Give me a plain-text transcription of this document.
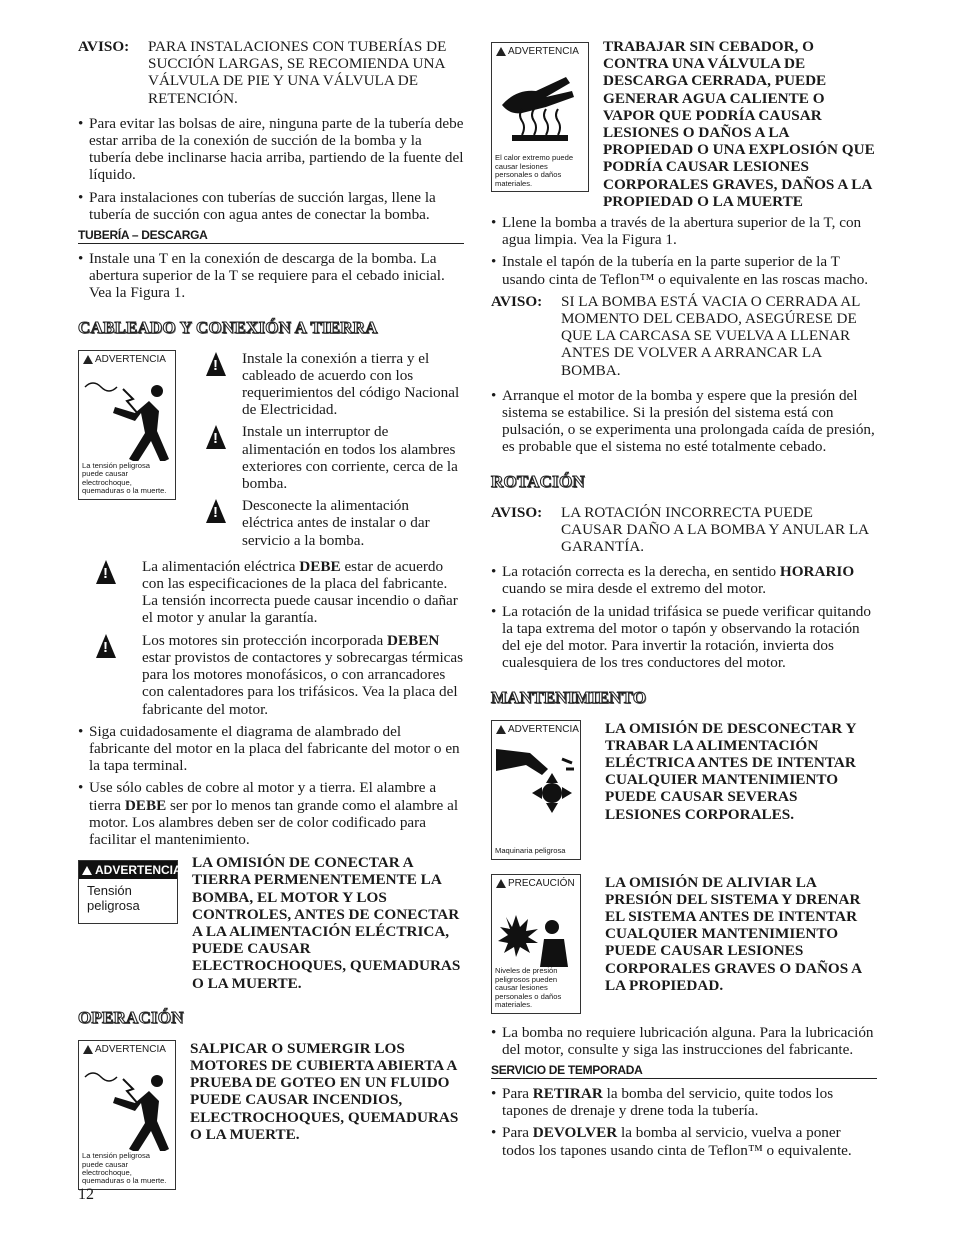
AVISO:	PARA INSTALACIONES CON TUBERÍAS DE SUCCIÓN LARGAS, SE RECOMIENDA UNA VÁLVULA DE PIE Y UNA VÁLVULA DE RETENCIÓN.
• Para evitar las bolsas de aire, ninguna parte de la tubería debe estar arriba de la conexión de succión de la bomba y la tubería debe inclinarse hacia arriba, partiendo de la fuente del líquido.
• Para instalaciones con tuberías de succión largas, llene la tubería de succión con agua antes de conectar la bomba.
TUBERÍA – DESCARGA
• Instale una T en la conexión de descarga de la bomba. La abertura superior de la T se requiere para el cebado inicial. Vea la Figura 1.
CABLEADO Y CONEXIÓN A TIERRA
ADVERTENCIA
La tensión peligrosa puede causar electrochoque, quemaduras o la muerte.
!
Instale la conexión a tierra y el cableado de acuerdo con los requerimientos del código Nacional de Electricidad.
!
Instale un interruptor de alimentación en todos los alambres exteriores con corriente, cerca de la bomba.
!
Desconecte la alimentación eléctrica antes de instalar o dar servicio a la bomba.
!
La alimentación eléctrica DEBE estar de acuerdo con las especificaciones de la placa del fabricante. La tensión incorrecta puede causar incendio o dañar el motor y anular la garantía.
!
Los motores sin protección incorporada DEBEN estar provistos de contactores y sobrecargas térmicas para los motores monofásicos, o con arrancadores con calentadores para los trifásicos. Vea la placa del fabricante del motor.
• Siga cuidadosamente el diagrama de alambrado del fabricante del motor en la placa del fabricante del motor o en la tapa terminal.
• Use sólo cables de cobre al motor y a tierra. El alambre a tierra DEBE ser por lo menos tan grande como el alambre al motor. Los alambres deben ser de color codificado para facilitar el mantenimiento.
ADVERTENCIA
Tensión peligrosa
LA OMISIÓN DE CONECTAR A TIERRA PERMENENTEMENTE LA BOMBA, EL MOTOR Y LOS CONTROLES, ANTES DE CONECTAR A LA ALIMENTACIÓN ELÉCTRICA, PUEDE CAUSAR ELECTROCHOQUES, QUEMADURAS O LA MUERTE.
OPERACIÓN
ADVERTENCIA
La tensión peligrosa puede causar electrochoque, quemaduras o la muerte.
SALPICAR O SUMERGIR LOS MOTORES DE CUBIERTA ABIERTA A PRUEBA DE GOTEO EN UN FLUIDO PUEDE CAUSAR INCENDIOS, ELECTROCHOQUES, QUEMADURAS O LA MUERTE.
ADVERTENCIA
El calor extremo puede causar lesiones personales o daños materiales.
TRABAJAR SIN CEBADOR, O CONTRA UNA VÁLVULA DE DESCARGA CERRADA, PUEDE GENERAR AGUA CALIENTE O VAPOR QUE PODRÍA CAUSAR LESIONES O DAÑOS A LA PROPIEDAD O UNA EXPLOSIÓN QUE PODRÍA CAUSAR LESIONES CORPORALES GRAVES, DAÑOS A LA PROPIEDAD O LA MUERTE
• Llene la bomba a través de la abertura superior de la T, con agua limpia. Vea la Figura 1.
• Instale el tapón de la tubería en la parte superior de la T usando cinta de Teflon™ o equivalente en las roscas macho.
AVISO:	SI LA BOMBA ESTÁ VACIA O CERRADA AL MOMENTO DEL CEBADO, ASEGÚRESE DE QUE LA CARCASA SE VUELVA A LLENAR ANTES DE VOLVER A ARRANCAR LA BOMBA.
• Arranque el motor de la bomba y espere que la presión del sistema se estabilice. Si la presión del sistema está con pulsación, o se experimenta una prolongada caída de presión, es probable que el sistema no esté totalmente cebado.
ROTACIÓN
AVISO:	LA ROTACIÓN INCORRECTA PUEDE CAUSAR DAÑO A LA BOMBA Y ANULAR LA GARANTÍA.
• La rotación correcta es la derecha, en sentido HORARIO cuando se mira desde el extremo del motor.
• La rotación de la unidad trifásica se puede verificar quitando la tapa extrema del motor o tapón y observando la rotación del eje del motor. Para invertir la rotación, invierta dos cualesquiera de los tres conductores del motor.
MANTENIMIENTO
ADVERTENCIA
Maquinaria peligrosa
LA OMISIÓN DE DESCONECTAR Y TRABAR LA ALIMENTACIÓN ELÉCTRICA ANTES DE INTENTAR CUALQUIER MANTENIMIENTO PUEDE CAUSAR SEVERAS LESIONES CORPORALES.
PRECAUCIÓN
Niveles de presión peligrosos pueden causar lesiones personales o daños materiales.
LA OMISIÓN DE ALIVIAR LA PRESIÓN DEL SISTEMA Y DRENAR EL SISTEMA ANTES DE INTENTAR CUALQUIER MANTENIMIENTO PUEDE CAUSAR LESIONES CORPORALES GRAVES O DAÑOS A LA PROPIEDAD.
• La bomba no requiere lubricación alguna. Para la lubricación del motor, consulte y siga las instrucciones del fabricante.
SERVICIO DE TEMPORADA
• Para RETIRAR la bomba del servicio, quite todos los tapones de drenaje y drene toda la tubería.
• Para DEVOLVER la bomba al servicio, vuelva a poner todos los tapones usando cinta de Teflon™ o equivalente.
12
